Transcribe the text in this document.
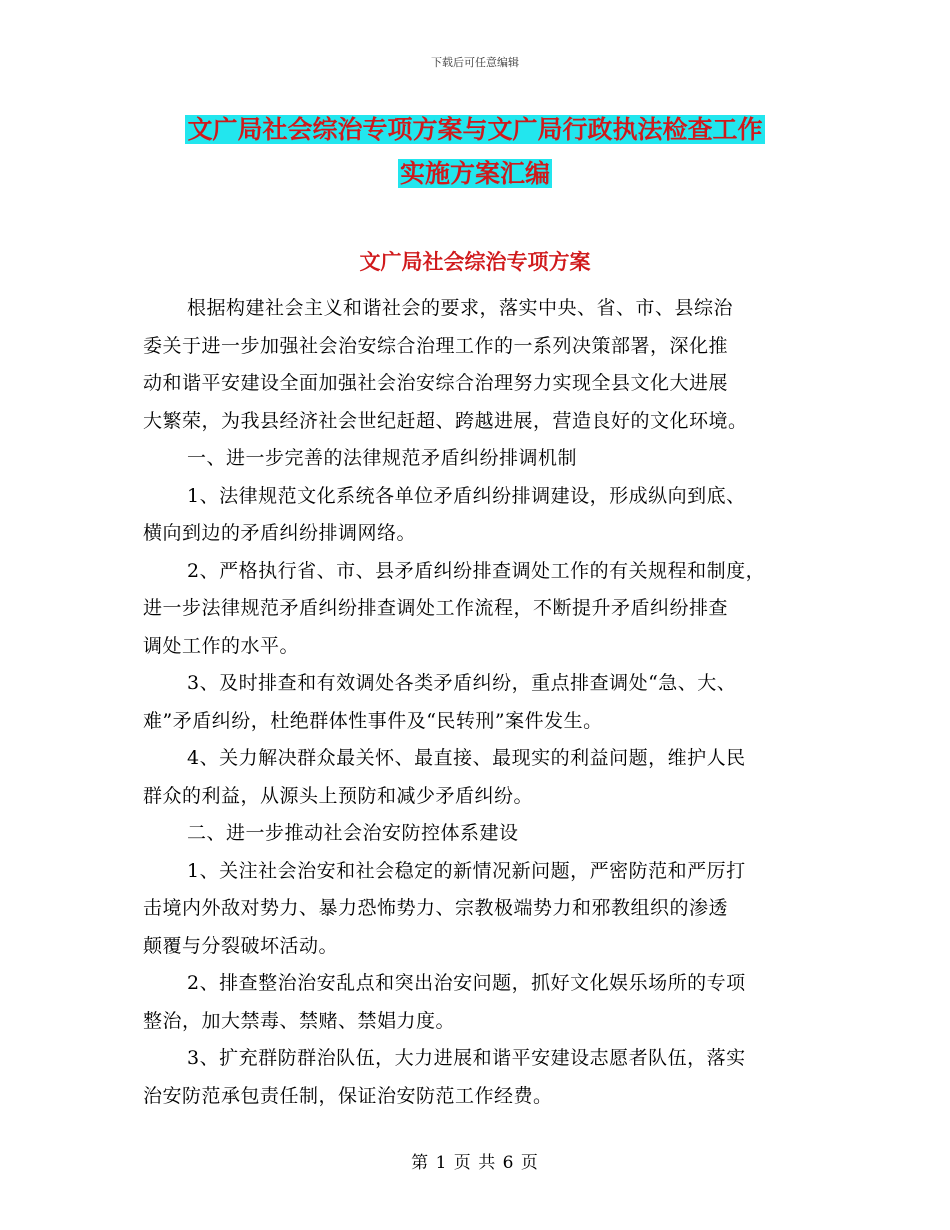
下载后可任意编辑
文广局社会综治专项方案与文广局行政执法检查工作
实施方案汇编
文广局社会综治专项方案

根据构建社会主义和谐社会的要求，落实中央、省、市、县综治
委关于进一步加强社会治安综合治理工作的一系列决策部署，深化推
动和谐平安建设全面加强社会治安综合治理努力实现全县文化大进展
大繁荣，为我县经济社会世纪赶超、跨越进展，营造良好的文化环境。

一、进一步完善的法律规范矛盾纠纷排调机制

1、法律规范文化系统各单位矛盾纠纷排调建设，形成纵向到底、
横向到边的矛盾纠纷排调网络。

2、严格执行省、市、县矛盾纠纷排查调处工作的有关规程和制度，
进一步法律规范矛盾纠纷排查调处工作流程，不断提升矛盾纠纷排查
调处工作的水平。

3、及时排查和有效调处各类矛盾纠纷，重点排查调处“急、大、
难”矛盾纠纷，杜绝群体性事件及“民转刑”案件发生。

4、关力解决群众最关怀、最直接、最现实的利益问题，维护人民
群众的利益，从源头上预防和减少矛盾纠纷。

二、进一步推动社会治安防控体系建设

1、关注社会治安和社会稳定的新情况新问题，严密防范和严厉打
击境内外敌对势力、暴力恐怖势力、宗教极端势力和邪教组织的渗透
颠覆与分裂破坏活动。

2、排查整治治安乱点和突出治安问题，抓好文化娱乐场所的专项
整治，加大禁毒、禁赌、禁娼力度。

3、扩充群防群治队伍，大力进展和谐平安建设志愿者队伍，落实
治安防范承包责任制，保证治安防范工作经费。

第 1 页 共 6 页
